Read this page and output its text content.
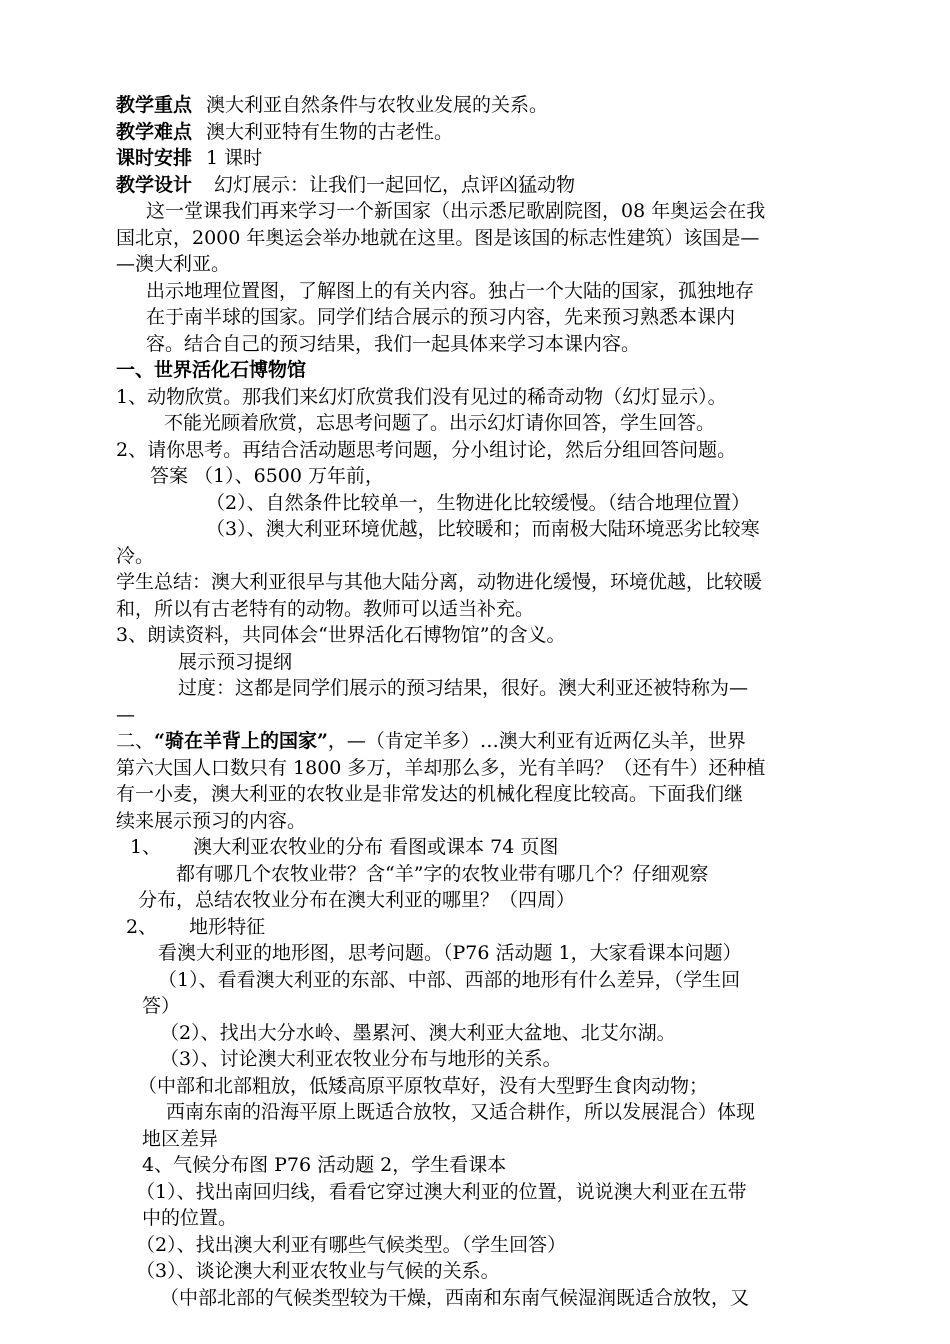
教学重点 澳大利亚自然条件与农牧业发展的关系。
教学难点 澳大利亚特有生物的古老性。
课时安排 1 课时
教学设计 幻灯展示：让我们一起回忆，点评凶猛动物
这一堂课我们再来学习一个新国家（出示悉尼歌剧院图，08 年奥运会在我
国北京，2000 年奥运会举办地就在这里。图是该国的标志性建筑）该国是—
—澳大利亚。
出示地理位置图，了解图上的有关内容。独占一个大陆的国家，孤独地存
在于南半球的国家。同学们结合展示的预习内容，先来预习熟悉本课内
容。结合自己的预习结果，我们一起具体来学习本课内容。
一、世界活化石博物馆
1、动物欣赏。那我们来幻灯欣赏我们没有见过的稀奇动物（幻灯显示）。
不能光顾着欣赏，忘思考问题了。出示幻灯请你回答，学生回答。
2、请你思考。再结合活动题思考问题，分小组讨论，然后分组回答问题。
答案 （1）、6500 万年前，
（2）、自然条件比较单一，生物进化比较缓慢。（结合地理位置）
（3）、澳大利亚环境优越，比较暖和；而南极大陆环境恶劣比较寒
冷。
学生总结：澳大利亚很早与其他大陆分离，动物进化缓慢，环境优越，比较暖
和，所以有古老特有的动物。教师可以适当补充。
3、朗读资料，共同体会“世界活化石博物馆”的含义。
展示预习提纲
过度：这都是同学们展示的预习结果，很好。澳大利亚还被特称为—
—
二、“骑在羊背上的国家”，—（肯定羊多）…澳大利亚有近两亿头羊，世界
第六大国人口数只有 1800 多万，羊却那么多，光有羊吗？（还有牛）还种植
有一小麦，澳大利亚的农牧业是非常发达的机械化程度比较高。下面我们继
续来展示预习的内容。
1、 澳大利亚农牧业的分布 看图或课本 74 页图
都有哪几个农牧业带？含“羊”字的农牧业带有哪几个？仔细观察
分布，总结农牧业分布在澳大利亚的哪里？（四周）
2、 地形特征
看澳大利亚的地形图，思考问题。（P76 活动题 1，大家看课本问题）
（1）、看看澳大利亚的东部、中部、西部的地形有什么差异，（学生回
答）
（2）、找出大分水岭、墨累河、澳大利亚大盆地、北艾尔湖。
（3）、讨论澳大利亚农牧业分布与地形的关系。
（中部和北部粗放，低矮高原平原牧草好，没有大型野生食肉动物；
西南东南的沿海平原上既适合放牧，又适合耕作，所以发展混合）体现
地区差异
4、气候分布图 P76 活动题 2，学生看课本
（1）、找出南回归线，看看它穿过澳大利亚的位置，说说澳大利亚在五带
中的位置。
（2）、找出澳大利亚有哪些气候类型。（学生回答）
（3）、谈论澳大利亚农牧业与气候的关系。
（中部北部的气候类型较为干燥，西南和东南气候湿润既适合放牧，又
